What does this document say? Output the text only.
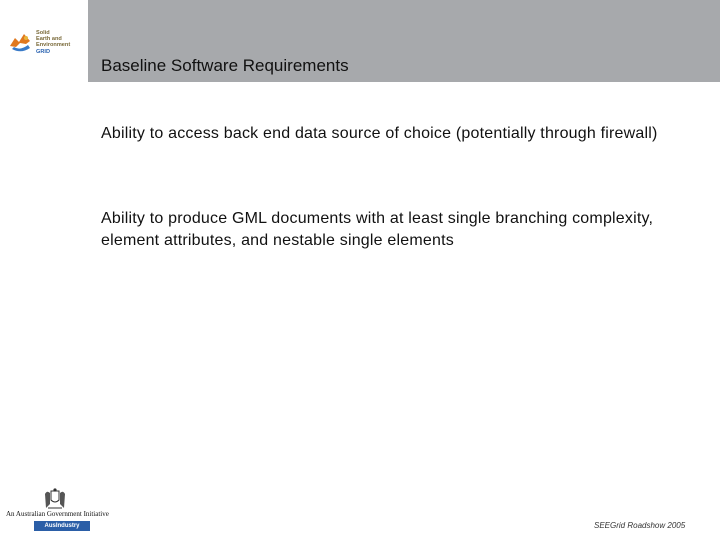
Solid
Earth and
Environment
GRID
Baseline Software Requirements
Ability to access back end data source of choice (potentially through firewall)
Ability to produce GML documents with at least single branching complexity, element attributes, and nestable single elements
An Australian Government Initiative
AusIndustry	SEEGrid Roadshow 2005
